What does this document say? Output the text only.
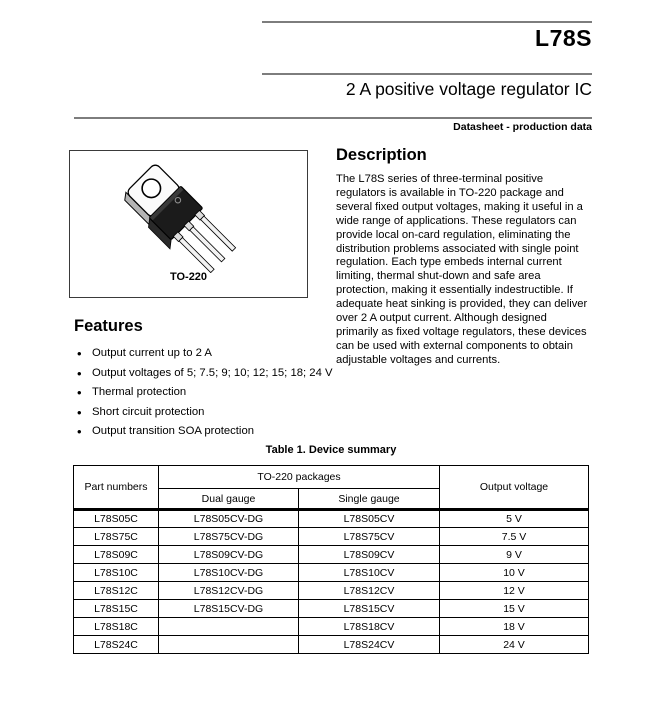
L78S
2 A positive voltage regulator IC
Datasheet - production data
TO-220
Description
The L78S series of three-terminal positive regulators is available in TO-220 package and several fixed output voltages, making it useful in a wide range of applications. These regulators can provide local on-card regulation, eliminating the distribution problems associated with single point regulation. Each type embeds internal current limiting, thermal shut-down and safe area protection, making it essentially indestructible. If adequate heat sinking is provided, they can deliver over 2 A output current. Although designed primarily as fixed voltage regulators, these devices can be used with external components to obtain adjustable voltages and currents.
Features
• Output current up to 2 A
• Output voltages of 5; 7.5; 9; 10; 12; 15; 18; 24 V
• Thermal protection
• Short circuit protection
• Output transition SOA protection
Table 1. Device summary
Part numbers	TO-220 packages		Output voltage
	Dual gauge	Single gauge	
L78S05C	L78S05CV-DG	L78S05CV	5 V
L78S75C	L78S75CV-DG	L78S75CV	7.5 V
L78S09C	L78S09CV-DG	L78S09CV	9 V
L78S10C	L78S10CV-DG	L78S10CV	10 V
L78S12C	L78S12CV-DG	L78S12CV	12 V
L78S15C	L78S15CV-DG	L78S15CV	15 V
L78S18C		L78S18CV	18 V
L78S24C		L78S24CV	24 V
